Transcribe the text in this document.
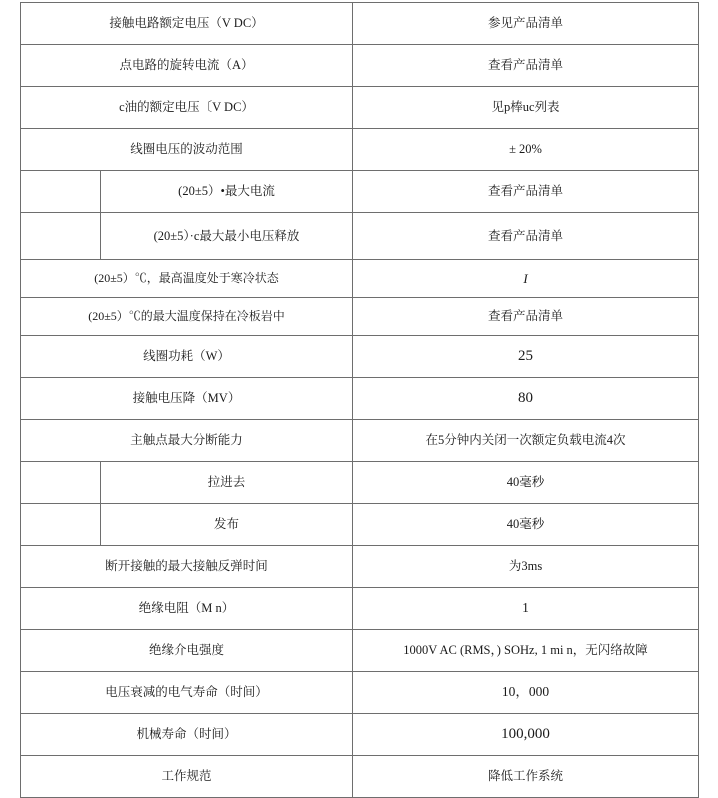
接触电路额定电压（V DC）		参见产品清单
点电路的旋转电流（A）		查看产品清单
c油的额定电压〔V DC）		见p棒uc列表
线圈电压的波动范围		± 20%
	(20±5）•最大电流	查看产品清单
	(20±5）·c最大最小电压释放	查看产品清单
(20±5）℃，最高温度处于寒冷状态		I
(20±5）℃的最大温度保持在冷板岩中		查看产品清单
线圈功耗（W）		25
接触电压降（MV）		80
主触点最大分断能力		在5分钟内关闭一次额定负载电流4次
	拉进去	40毫秒
	发布	40毫秒
断开接触的最大接触反弹时间		为3ms
绝缘电阻（M n）		1
绝缘介电强度		1000V AC (RMS，) SOHz, 1 mi n，无闪络故障
电压衰减的电气寿命（时间）		10，000
机械寿命（时间）		100,000
工作规范		降低工作系统
